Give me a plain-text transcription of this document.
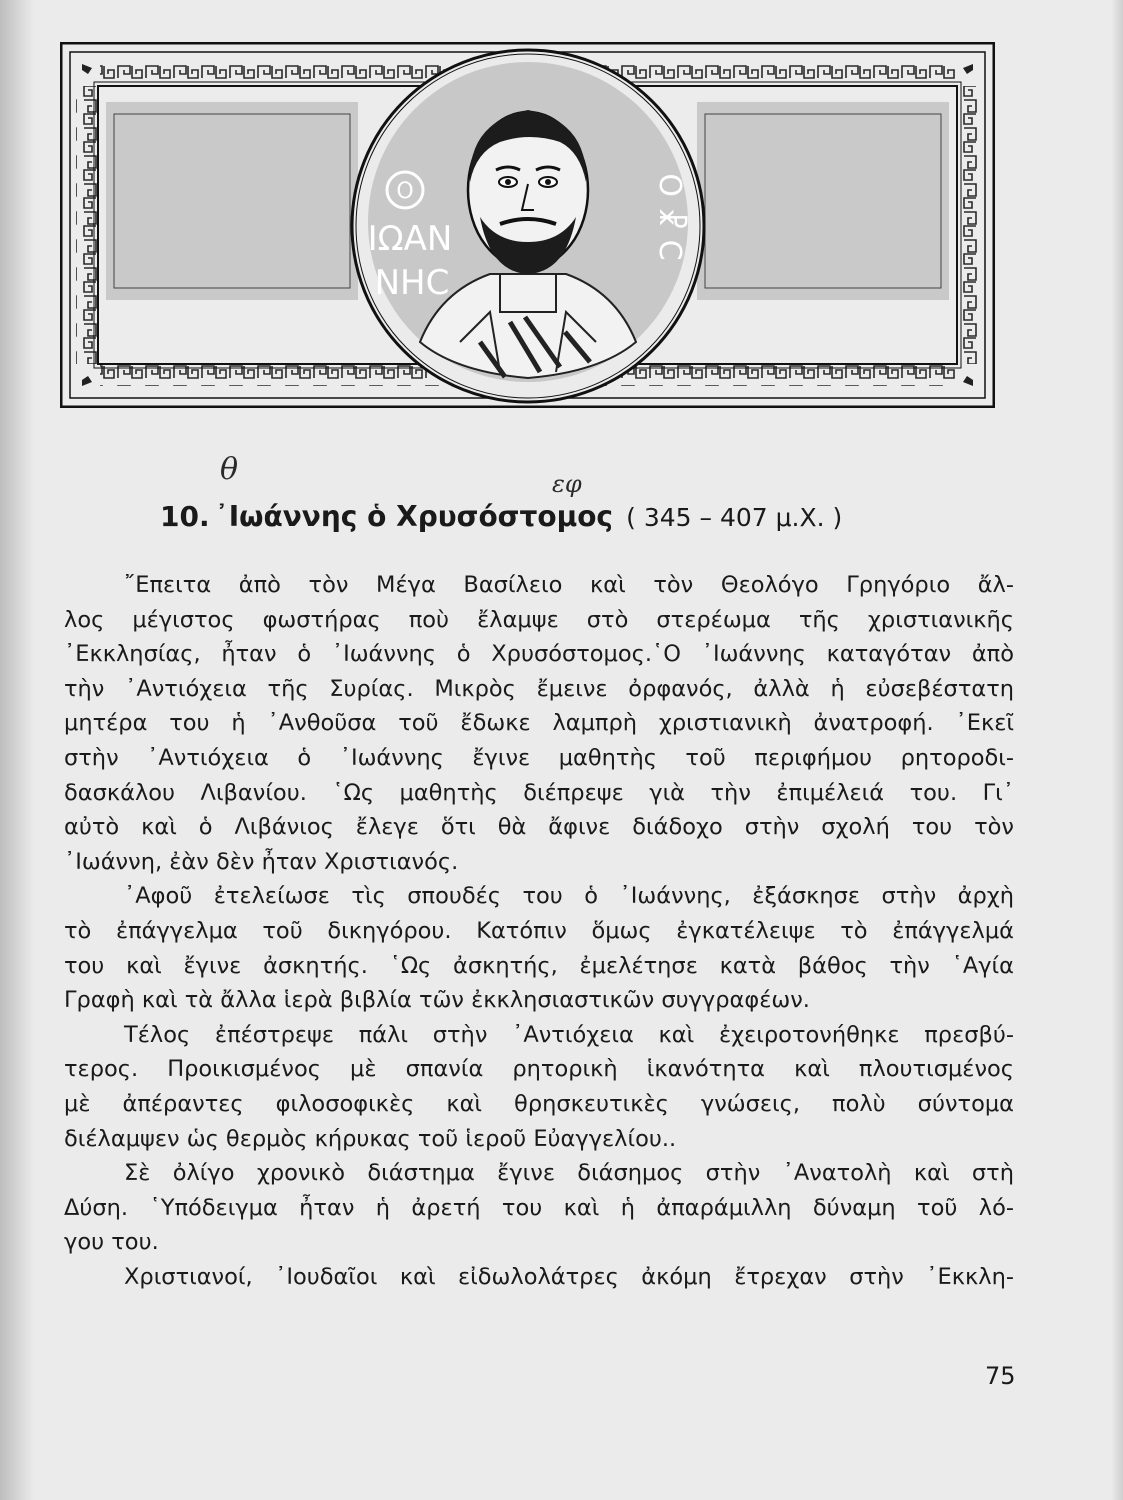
Ο
ΙΩΑΝ
ΝΗϹ
Ο ☧ Ϲ
θ	εφ
10. ᾿Ιωάννης ὁ Χρυσόστομος ( 345 – 407 μ.Χ. )
῎Επειτα ἀπὸ τὸν Μέγα Βασίλειο καὶ τὸν Θεολόγο Γρηγόριο ἄλ-
λος μέγιστος φωστήρας ποὺ ἔλαμψε στὸ στερέωμα τῆς χριστιανικῆς
᾿Εκκλησίας, ἦταν ὁ ᾿Ιωάννης ὁ Χρυσόστομος.῾Ο ᾿Ιωάννης καταγόταν ἀπὸ
τὴν ᾿Αντιόχεια τῆς Συρίας. Μικρὸς ἔμεινε ὀρφανός, ἀλλὰ ἡ εὐσεβέστατη
μητέρα του ἡ ᾿Ανθοῦσα τοῦ ἔδωκε λαμπρὴ χριστιανικὴ ἀνατροφή. ᾿Εκεῖ
στὴν ᾿Αντιόχεια ὁ ᾿Ιωάννης ἔγινε μαθητὴς τοῦ περιφήμου ρητοροδι-
δασκάλου Λιβανίου. ῾Ως μαθητὴς διέπρεψε γιὰ τὴν ἐπιμέλειά του. Γι᾿
αὐτὸ καὶ ὁ Λιβάνιος ἔλεγε ὅτι θὰ ἄφινε διάδοχο στὴν σχολή του τὸν
᾿Ιωάννη, ἐὰν δὲν ἦταν Χριστιανός.
᾿Αφοῦ ἐτελείωσε τὶς σπουδές του ὁ ᾿Ιωάννης, ἐξάσκησε στὴν ἀρχὴ
τὸ ἐπάγγελμα τοῦ δικηγόρου. Κατόπιν ὅμως ἐγκατέλειψε τὸ ἐπάγγελμά
του καὶ ἔγινε ἀσκητής. ῾Ως ἀσκητής, ἐμελέτησε κατὰ βάθος τὴν ῾Αγία
Γραφὴ καὶ τὰ ἄλλα ἱερὰ βιβλία τῶν ἐκκλησιαστικῶν συγγραφέων.
Τέλος ἐπέστρεψε πάλι στὴν ᾿Αντιόχεια καὶ ἐχειροτονήθηκε πρεσβύ-
τερος. Προικισμένος μὲ σπανία ρητορικὴ ἱκανότητα καὶ πλουτισμένος
μὲ ἀπέραντες φιλοσοφικὲς καὶ θρησκευτικὲς γνώσεις, πολὺ σύντομα
διέλαμψεν ὡς θερμὸς κήρυκας τοῦ ἱεροῦ Εὐαγγελίου..
Σὲ ὀλίγο χρονικὸ διάστημα ἔγινε διάσημος στὴν ᾿Ανατολὴ καὶ στὴ
Δύση. ῾Υπόδειγμα ἦταν ἡ ἀρετή του καὶ ἡ ἀπαράμιλλη δύναμη τοῦ λό-
γου του.
Χριστιανοί, ᾿Ιουδαῖοι καὶ εἰδωλολάτρες ἀκόμη ἔτρεχαν στὴν ᾿Εκκλη-
75
